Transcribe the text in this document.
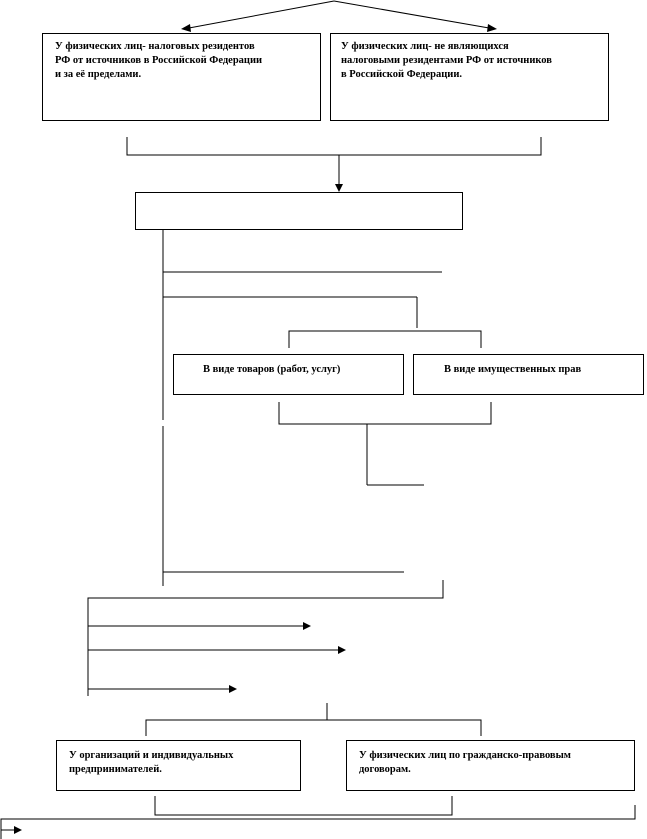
У физических лиц- налоговых резидентов
РФ от источников в Российской Федерации
и за её пределами.
У физических лиц- не являющихся
налоговыми резидентами РФ от источников
в Российской Федерации.
В виде товаров (работ, услуг)	В виде имущественных прав
У организаций и индивидуальных
предпринимателей.
У физических лиц по гражданско-правовым
договорам.
